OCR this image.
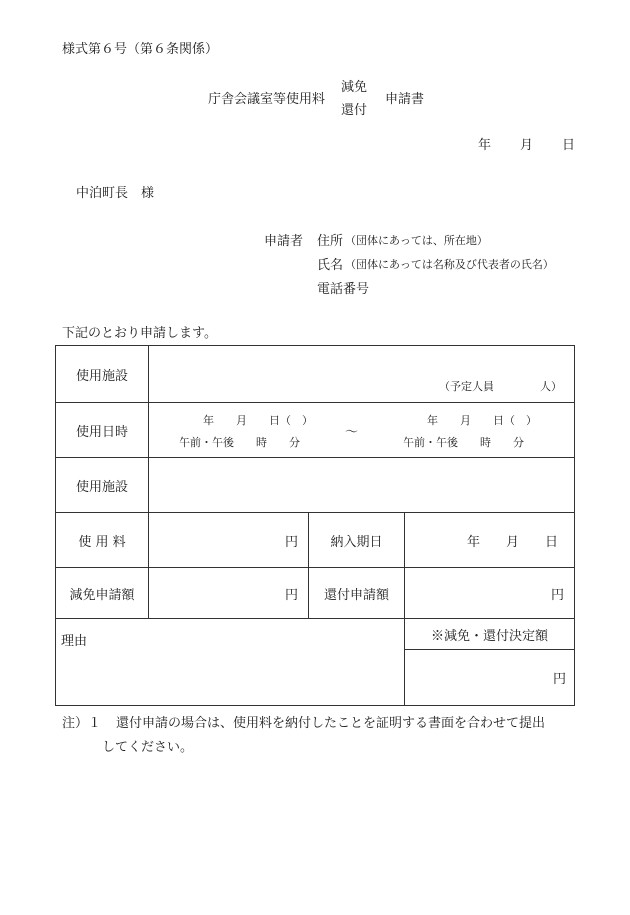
様式第６号（第６条関係）
庁舎会議室等使用料
減免
還付
申請書
年 月 日
中泊町長　様
申請者 住所 （団体にあっては、所在地）
氏名 （団体にあっては名称及び代表者の氏名）
電話番号
下記のとおり申請します。
使用施設	（予定人員 人）		

使用日時	年　　月　　日（　）
午前・午後　　時　　分
～
年　　月　　日（　）
午前・午後　　時　　分		

使用施設			
使 用 料	円	納入期日	年　　月　　日
減免申請額	円	還付申請額	円

理由			※減免・還付決定額
円
注）１ 還付申請の場合は、使用料を納付したことを証明する書面を合わせて提出
してください。
